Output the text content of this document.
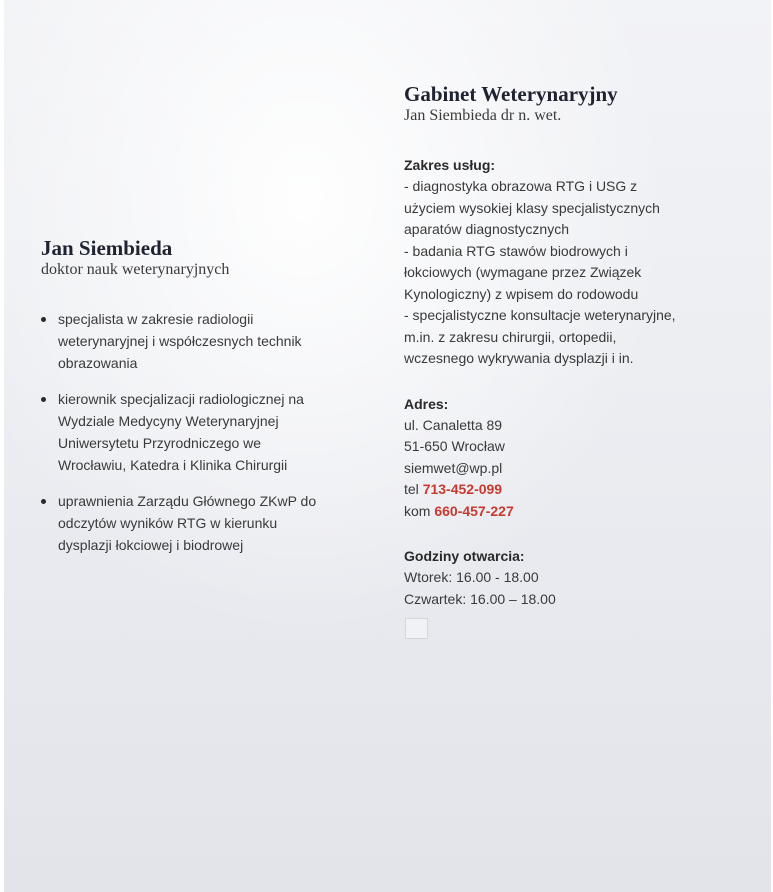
Jan Siembieda

doktor nauk weterynaryjnych

specjalista w zakresie radiologii
weterynaryjnej i współczesnych technik
obrazowania
kierownik specjalizacji radiologicznej na
Wydziale Medycyny Weterynaryjnej
Uniwersytetu Przyrodniczego we
Wrocławiu, Katedra i Klinika Chirurgii
uprawnienia Zarządu Głównego ZKwP do
odczytów wyników RTG w kierunku
dysplazji łokciowej i biodrowej
Gabinet Weterynaryjny

Jan Siembieda dr n. wet.

Zakres usług:
- diagnostyka obrazowa RTG i USG z
użyciem wysokiej klasy specjalistycznych
aparatów diagnostycznych
- badania RTG stawów biodrowych i
łokciowych (wymagane przez Związek
Kynologiczny) z wpisem do rodowodu
- specjalistyczne konsultacje weterynaryjne,
m.in. z zakresu chirurgii, ortopedii,
wczesnego wykrywania dysplazji i in.
Adres:
ul. Canaletta 89
51-650 Wrocław
siemwet@wp.pl
tel 713-452-099
kom 660-457-227
Godziny otwarcia:
Wtorek: 16.00 - 18.00
Czwartek: 16.00 – 18.00
